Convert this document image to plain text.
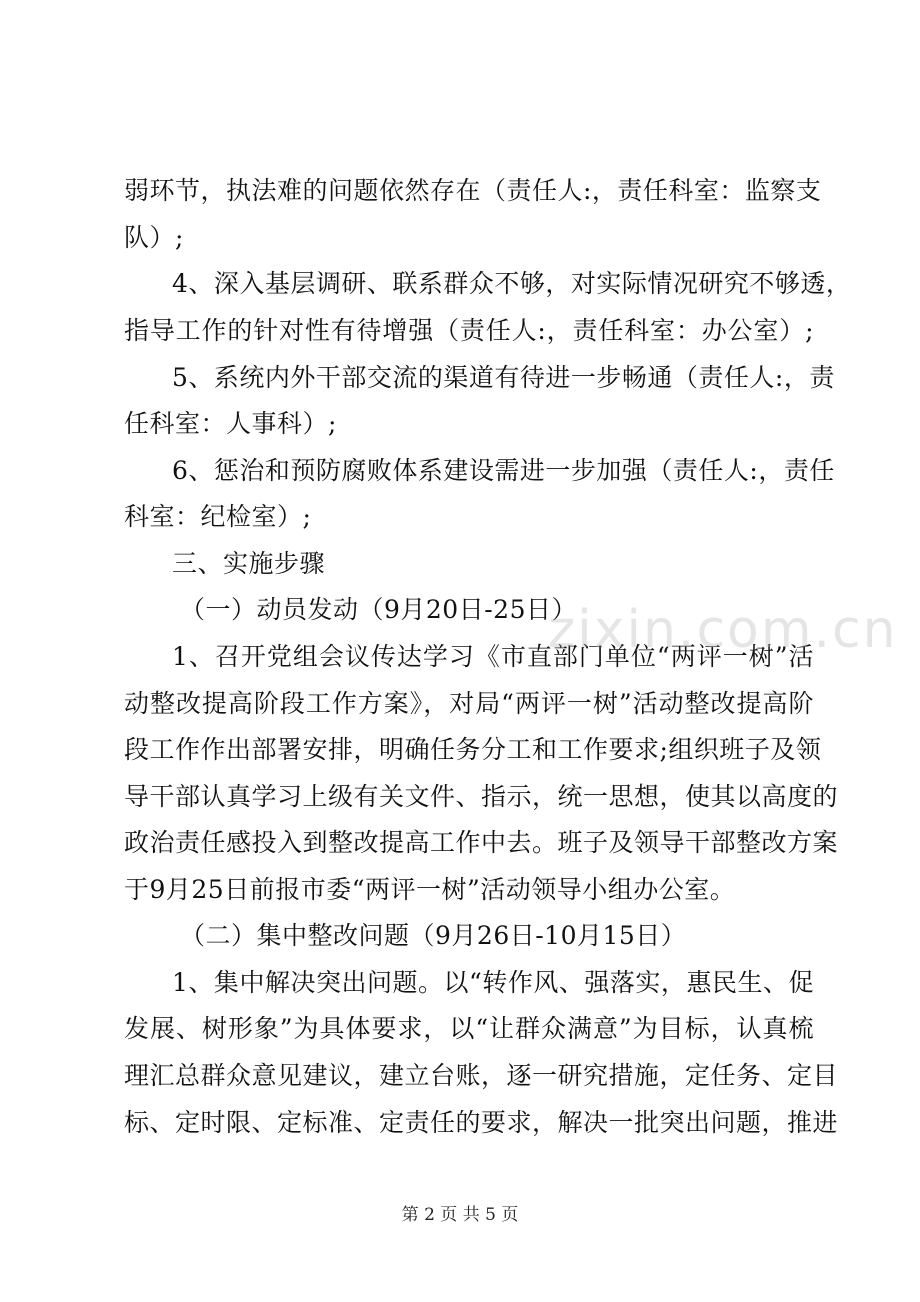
弱环节，执法难的问题依然存在（责任人:，责任科室：监察支
队）;
4、深入基层调研、联系群众不够，对实际情况研究不够透，
指导工作的针对性有待增强（责任人:，责任科室：办公室）;
5、系统内外干部交流的渠道有待进一步畅通（责任人:，责
任科室：人事科）;
6、惩治和预防腐败体系建设需进一步加强（责任人:，责任
科室：纪检室）;
三、实施步骤
（一）动员发动（9月20日-25日）
1、召开党组会议传达学习《市直部门单位“两评一树”活
动整改提高阶段工作方案》，对局“两评一树”活动整改提高阶
段工作作出部署安排，明确任务分工和工作要求;组织班子及领
导干部认真学习上级有关文件、指示，统一思想，使其以高度的
政治责任感投入到整改提高工作中去。班子及领导干部整改方案
于9月25日前报市委“两评一树”活动领导小组办公室。
（二）集中整改问题（9月26日-10月15日）
1、集中解决突出问题。以“转作风、强落实，惠民生、促
发展、树形象”为具体要求，以“让群众满意”为目标，认真梳
理汇总群众意见建议，建立台账，逐一研究措施，定任务、定目
标、定时限、定标准、定责任的要求，解决一批突出问题，推进
zixin.com.cn
第 2 页 共 5 页
